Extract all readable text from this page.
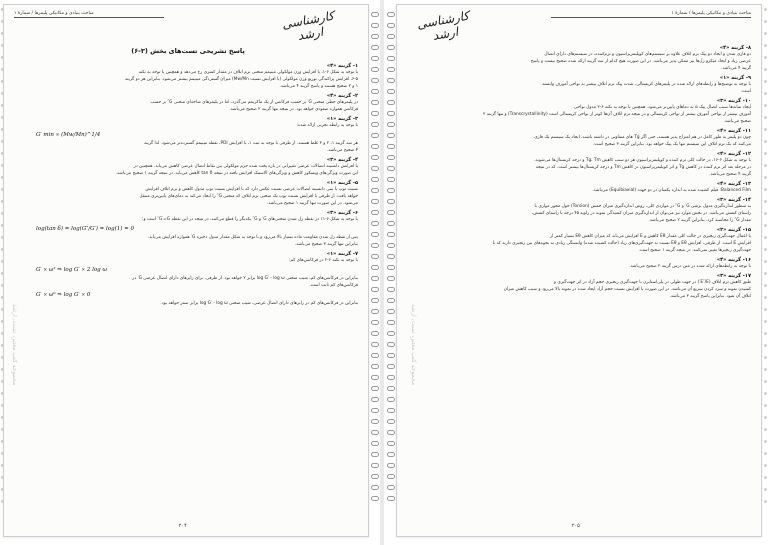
مباحث بنیادی و مکانیکی پلیمرها / شمارهٔ ۱	کارشناسی ارشد
مجموعه کتب معتبر، تست، ارشد
پاسخ تشریحی تست‌های بخش (۳-۶)
۱- گزینه «۴»
با توجه به شکل ۶-۱، با افزایش وزن مولکولی مینیمم منحنی ترم اتلاف در مقدار کمتری رخ می‌دهد و همچنین با توجه به نکته
۶-۵، افزایش پراکندگی توزیع وزن مولکولی (یا افزایش نسبت Mw/Mn) میزان گستردگی مینیمم بیشتر می‌شود. بنابراین هر دو گزینه
۱ و ۲ صحیح هستند و پاسخ گزینه ۴ می‌باشد.
۲- گزینه «۴»
در پلیمرهای خطی منحنی G′ بر حسب فرکانس از یک ماکزیمم می‌گذرد، اما در پلیمرهای شاخه‌ای منحنی G″ بر حسب
فرکانس همواره صعودی خواهد بود. در نتیجه تنها گزینه ۲ صحیح می‌باشد.
۳- گزینه «۱»
با توجه به رابطه تجربی ارائه شده:
G′ min ∝ (Mw/Mn)^1/4
هر سه گزینه ۱، ۲ و ۳ غلط هستند. از طرفی با توجه به ثبت ۱، با افزایش PDI، نقطه مینیمم گسترده‌تر می‌شود. لذا گزینه
۴ صحیح می‌باشد.
۴- گزینه «۳»
با افزایش دانسیته اتصالات عرضی تغییراتی در بازه پخت شده جرم مولکولی بین نقاط اتصال عرضی کاهش می‌یابد. همچنین در
این صورت ویژگی‌های ویسکوز کاهش و ویژگی‌های الاستیک افزایش یافته در نتیجه tan δ کاهش می‌یابد. در نتیجه گزینه ۱ صحیح می‌باشد.
۵- گزینه «۱»
نسبت توپ یا سی دانسیته اتصالات عرضی نسبت عکس دارد که با افزایش نسبت توپ مدول کاهش و ترم اتلاف افزایش
خواهد یافت. از طرفی با افزایش نسبت توپ یک منحنی ترم اتلاف که منحنی G″ را ایجاد می‌کند به دمای‌های پایین‌تری منتقل
می‌شود. در این صورت تنها گزینه ۱ صحیح می‌باشد.
۶- گزینه «۳»
با توجه به شکل ۶-۱۱ در نقطه ژل شدن منحنی‌های G′ و G″ یکدیگر را قطع می‌کنند، در نتیجه در این نقطه G′=G″ است و:
log(tan δ) = log(G″/G′) = log(1) = 0
پس از نقطه ژل شدن مقاومت ماده بسیار بالا می‌رود و با توجه به شکل مقدار مدول ذخیره G′ همواره افزایش می‌یابد.
بنابراین تنها گزینه ۳ صحیح می‌باشد.
۷- گزینه «۱»
با توجه به نکته ۶-۲ در فرکانس‌های کم:
G′ ∝ ω² ⇒ log G′ ∝ 2 log ω
بنابراین در فرکانس‌های کم، شیب منحنی log G′ - log ω برابر ۲ خواهد بود. از طرفی، برای رابرهای دارای اتصال عرضی G′ در
فرکانس‌های کم ثابت است.
G′ ∝ ω⁰ ⇒ log G′ ∝ 0
بنابراین در فرکانس‌های کم در رابرهای دارای اتصال عرضی، شیب منحنی log G′ - log ω برابر صفر خواهد بود.
۲۰۴
مباحث بنیادی و مکانیکی پلیمرها / شمارهٔ ۱
کارشناسی ارشد
مجموعه کتب معتبر، تست، ارشد
۸- گزینه «۴»
دو فازی شدن و ایجاد دو پیک ترم اتلاف علاوه بر سیستم‌های کوپلیمریزاسیون و ترم‌کننده، در سیستم‌های دارای اتصال
عرضی زیاد و ایجاد میکرو ژل‌ها نیز ممکن پذیر می‌باشد. در این صورت هیچ کدام از سه گزینه ارائه شده صحیح نیست و پاسخ
گزینه ۴ می‌باشد.
۹- گزینه «۱»
با توجه به توضیح‌ها و رابطه‌های ارائه شده در پلیمرهای کریستالی، شدت پیک ترم اتلاف بیشتر به نواحی آمورف وابسته
است.
۱۰- گزینه «۳»
ایجاد شانه‌ها سبب اتصال پیک α به دماهای پایین‌تر می‌شود. همچنین با توجه به نکته ۶-۳ مدول نواحی
آمورف بیشتر از نواحی آمورف بیشتر از نواحی کریستالی و در نتیجه ترم اتلاف آن‌ها کوتر از نواحی کریستالی است (Transcrystallinity) و تنها گزینه ۲
صحیح می‌باشد.
۱۱- گزینه «۴»
چون دو پلیمر به طور کامل در هم امتزاج پذیر هستند، حتی اگر Tg های متفاوتی در داشته باشند، ایجاد یک سیستم تک فازی
می‌کنند که یک ترم اتلاف این سیستم تنها یک پیک خواهد بود. بنابراین گزینه ۳ صحیح است.
۱۲- گزینه «۴»
با توجه به شکل ۶-۱۶، در حالت کلی ترم کننده و کوپلیمریزاسیون هر دو سبب کاهش Tg، Tm و درجه کریستال‌ها می‌شوند.
در مرحله بعد اثر ترم کننده در کاهش Tg و اثر کوپلیمریزاسیون در کاهش Tm و درجه کریستال‌ها بیشتر است. که در نتیجه
گزینه ۴ صحیح می‌باشد.
۱۳- گزینه «۴»
Balanced Film: فیلم کشیده شده به اندازه یکسان در دو جهت (Equibiaxial) می‌باشد.
۱۴- گزینه «۳»
به منظور اندازه‌گیری مدول برشی G′ و G″ در مواردی کلی، روش اندازه‌گیری میزان خمش (Torsion) حول محور موازی با
راستای کشش می‌باشد. در بخش موارد نیز می‌توان از اندازه‌گیری میزان کشیدگی نمونه در زاویه ۴۵ درجه با راستای کشش،
مقدار G″ را محاسبه کرد. بنابراین گزینه ۲ صحیح می‌باشد.
۱۵- گزینه «۲»
با اعمال جهت‌گیری زنجیری در حالت کلی مقدار Eθ کاهش و E افزایش می‌یابد که میزان کاهش Eθ بسیار کمتر از
افزایش E است. از طرفی، افزایش Eθ و Eθ نسبت به جهت‌گیری‌های زیاد (حالت کشیده شده) وابستگی زیادی به نحوه‌های بین زنجیری دارند که با
جهت‌گیری زنجیرها تغییر نمی‌کنند. در نتیجه گزینه ۱ صحیح است.
۱۶- گزینه «۴»
با توجه به رابطه‌های ارائه شده در متن درس گزینه ۲ صحیح می‌باشد.
۱۷- گزینه «۳»
طبق کاهش ترم اتلاف (E″/E′) در جهت طولی در پلی‌استایرن با جهت‌گیری زنجیری حجم آزاد در اثر جهت‌گیری و
کشیدن نمونه و سرد کردن سریع آن می‌باشد. در این صورت با افزایش نسبت حجم آزاد ایجاد شده در نمونه بالا می‌رود و سبب کاهش میزان
اتلاف آن شود. بنابراین پاسخ گزینه ۳ می‌باشد.
۲۰۵
